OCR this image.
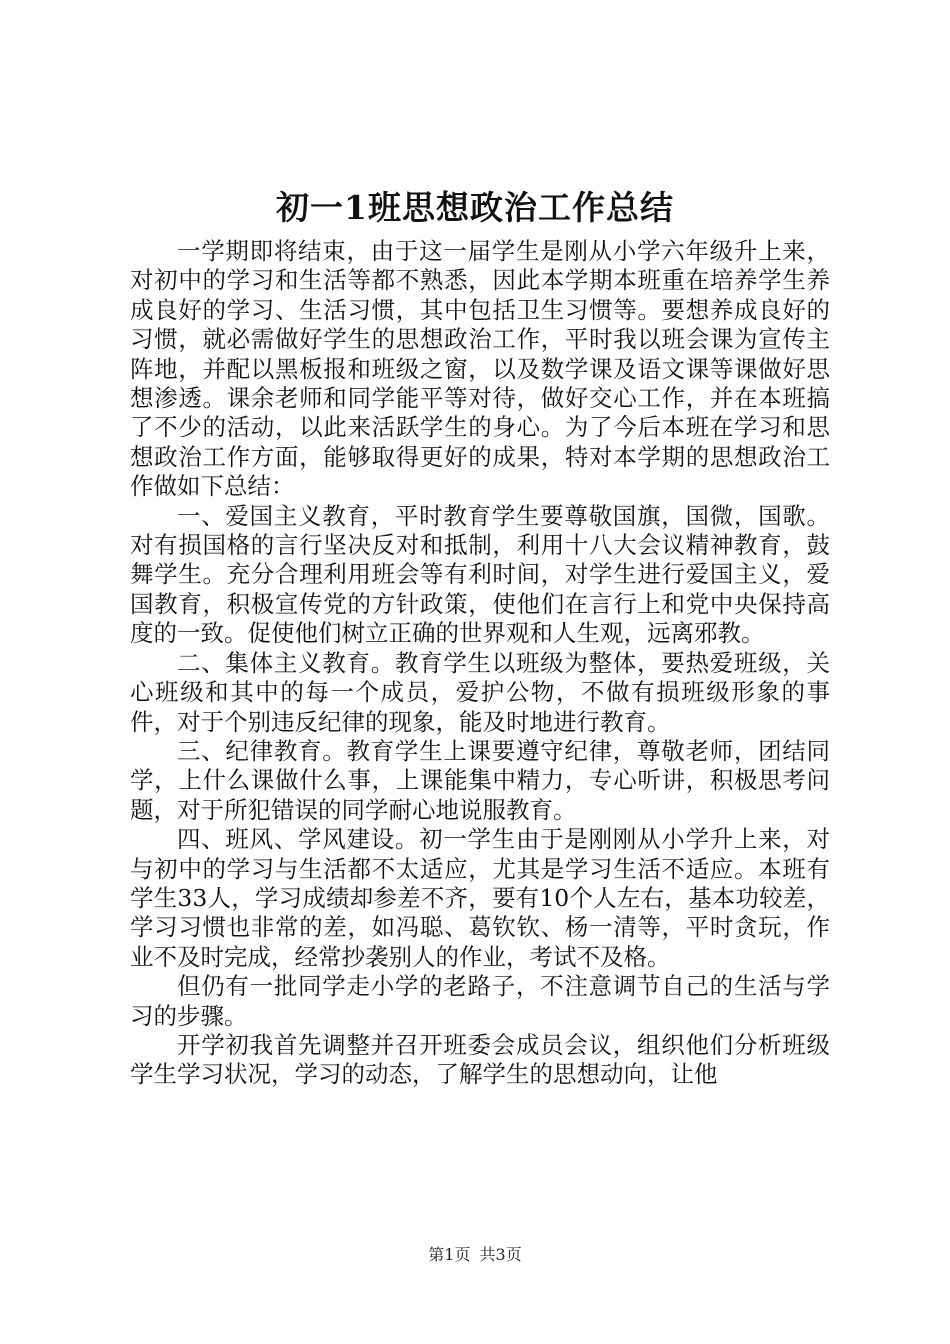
初一1班思想政治工作总结

一学期即将结束，由于这一届学生是刚从小学六年级升上来，对初中的学习和生活等都不熟悉，因此本学期本班重在培养学生养成良好的学习、生活习惯，其中包括卫生习惯等。要想养成良好的习惯，就必需做好学生的思想政治工作，平时我以班会课为宣传主阵地，并配以黑板报和班级之窗，以及数学课及语文课等课做好思想渗透。课余老师和同学能平等对待，做好交心工作，并在本班搞了不少的活动，以此来活跃学生的身心。为了今后本班在学习和思想政治工作方面，能够取得更好的成果，特对本学期的思想政治工作做如下总结：

一、爱国主义教育，平时教育学生要尊敬国旗，国微，国歌。对有损国格的言行坚决反对和抵制，利用十八大会议精神教育，鼓舞学生。充分合理利用班会等有利时间，对学生进行爱国主义，爱国教育，积极宣传党的方针政策，使他们在言行上和党中央保持高度的一致。促使他们树立正确的世界观和人生观，远离邪教。

二、集体主义教育。教育学生以班级为整体，要热爱班级，关心班级和其中的每一个成员，爱护公物，不做有损班级形象的事件，对于个别违反纪律的现象，能及时地进行教育。

三、纪律教育。教育学生上课要遵守纪律，尊敬老师，团结同学，上什么课做什么事，上课能集中精力，专心听讲，积极思考问题，对于所犯错误的同学耐心地说服教育。

四、班风、学风建设。初一学生由于是刚刚从小学升上来，对与初中的学习与生活都不太适应，尤其是学习生活不适应。本班有学生33人，学习成绩却参差不齐，要有10个人左右，基本功较差，学习习惯也非常的差，如冯聪、葛钦钦、杨一清等，平时贪玩，作业不及时完成，经常抄袭别人的作业，考试不及格。

但仍有一批同学走小学的老路子，不注意调节自己的生活与学习的步骤。

开学初我首先调整并召开班委会成员会议，组织他们分析班级学生学习状况，学习的动态，了解学生的思想动向，让他

第1页 共3页
